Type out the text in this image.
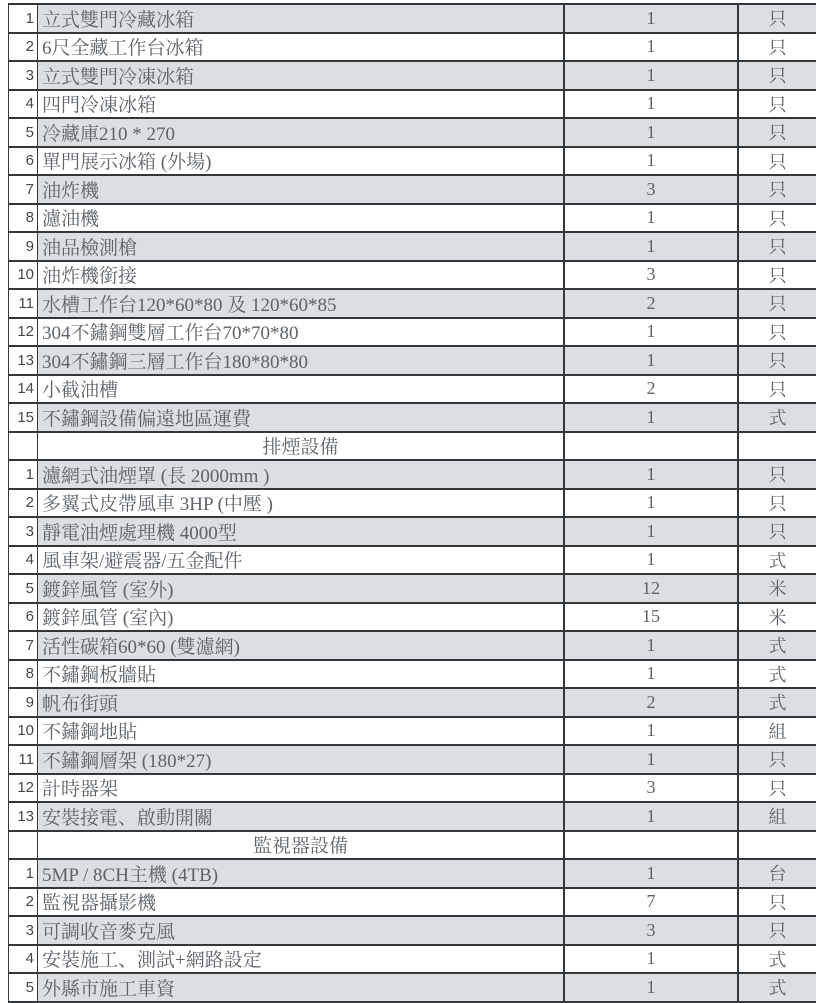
1 立式雙門冷藏冰箱	1	只
2 6尺全藏工作台冰箱	1	只
3 立式雙門冷凍冰箱	1	只
4 四門冷凍冰箱	1	只
5 冷藏庫210 * 270	1	只
6 單門展示冰箱 (外場)	1	只
7 油炸機	3	只
8 濾油機	1	只
9 油品檢測槍	1	只
10 油炸機銜接	3	只
11 水槽工作台120*60*80 及 120*60*85	2	只
12 304不鏽鋼雙層工作台70*70*80	1	只
13 304不鏽鋼三層工作台180*80*80	1	只
14 小截油槽	2	只
15 不鏽鋼設備偏遠地區運費	1	式
排煙設備
1 濾網式油煙罩 (長 2000mm )	1	只
2 多翼式皮帶風車 3HP (中壓 )	1	只
3 靜電油煙處理機 4000型	1	只
4 風車架/避震器/五金配件	1	式
5 鍍鋅風管 (室外)	12	米
6 鍍鋅風管 (室內)	15	米
7 活性碳箱60*60 (雙濾網)	1	式
8 不鏽鋼板牆貼	1	式
9 帆布街頭	2	式
10 不鏽鋼地貼	1	組
11 不鏽鋼層架 (180*27)	1	只
12 計時器架	3	只
13 安裝接電、啟動開關	1	組
監視器設備
1 5MP / 8CH主機 (4TB)	1	台
2 監視器攝影機	7	只
3 可調收音麥克風	3	只
4 安裝施工、測試+網路設定	1	式
5 外縣市施工車資	1	式
